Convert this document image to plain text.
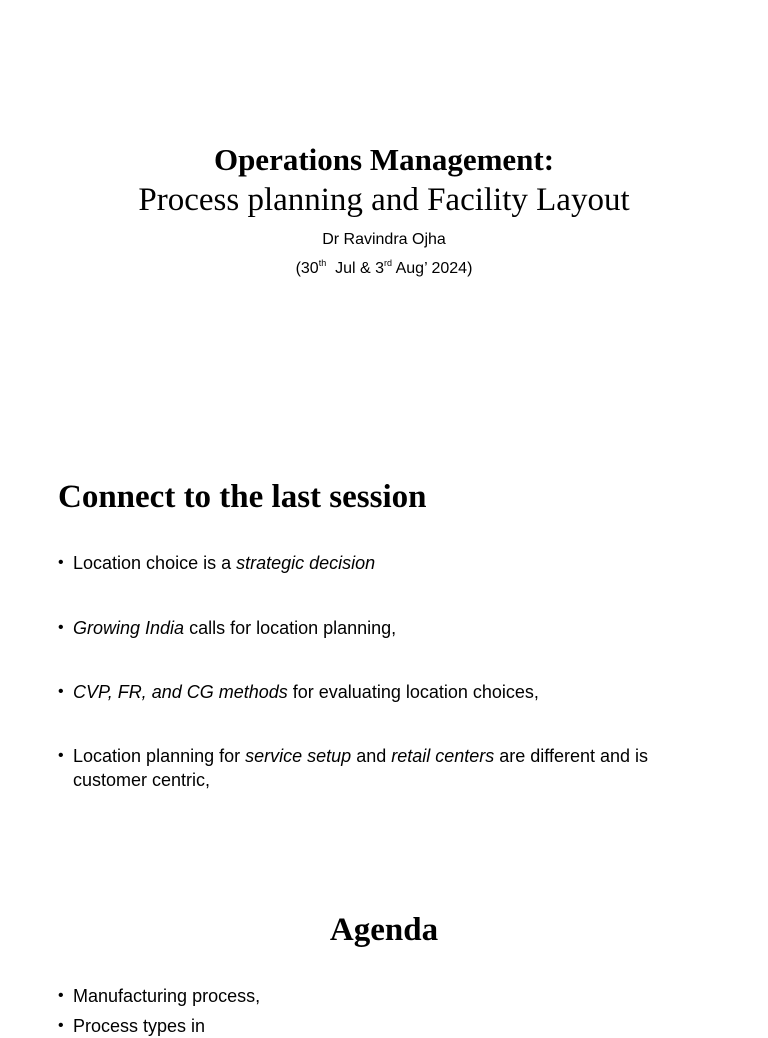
Operations Management:
Process planning and Facility Layout
Dr Ravindra Ojha
(30th  Jul & 3rd Aug’ 2024)
Connect to the last session
• Location choice is a strategic decision
• Growing India calls for location planning,
• CVP, FR, and CG methods for evaluating location choices,
• Location planning for service setup and retail centers are different and is customer centric,
Agenda
• Manufacturing process,
• Process types in
